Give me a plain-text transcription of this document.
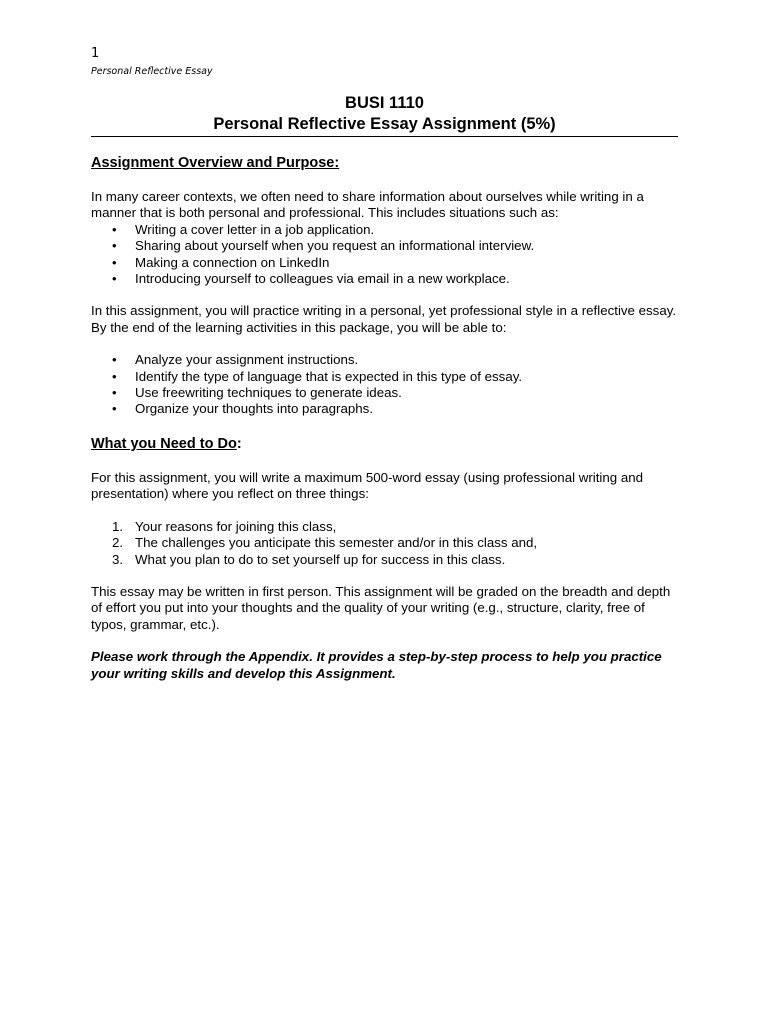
1
Personal Reflective Essay
BUSI 1110
Personal Reflective Essay Assignment (5%)
Assignment Overview and Purpose:

In many career contexts, we often need to share information about ourselves while writing in a manner that is both personal and professional. This includes situations such as:

• Writing a cover letter in a job application.
• Sharing about yourself when you request an informational interview.
• Making a connection on LinkedIn
• Introducing yourself to colleagues via email in a new workplace.

In this assignment, you will practice writing in a personal, yet professional style in a reflective essay. By the end of the learning activities in this package, you will be able to:

• Analyze your assignment instructions.
• Identify the type of language that is expected in this type of essay.
• Use freewriting techniques to generate ideas.
• Organize your thoughts into paragraphs.
What you Need to Do:

For this assignment, you will write a maximum 500-word essay (using professional writing and presentation) where you reflect on three things:

1. Your reasons for joining this class,
2. The challenges you anticipate this semester and/or in this class and,
3. What you plan to do to set yourself up for success in this class.

This essay may be written in first person. This assignment will be graded on the breadth and depth of effort you put into your thoughts and the quality of your writing (e.g., structure, clarity, free of typos, grammar, etc.).

Please work through the Appendix. It provides a step-by-step process to help you practice your writing skills and develop this Assignment.
